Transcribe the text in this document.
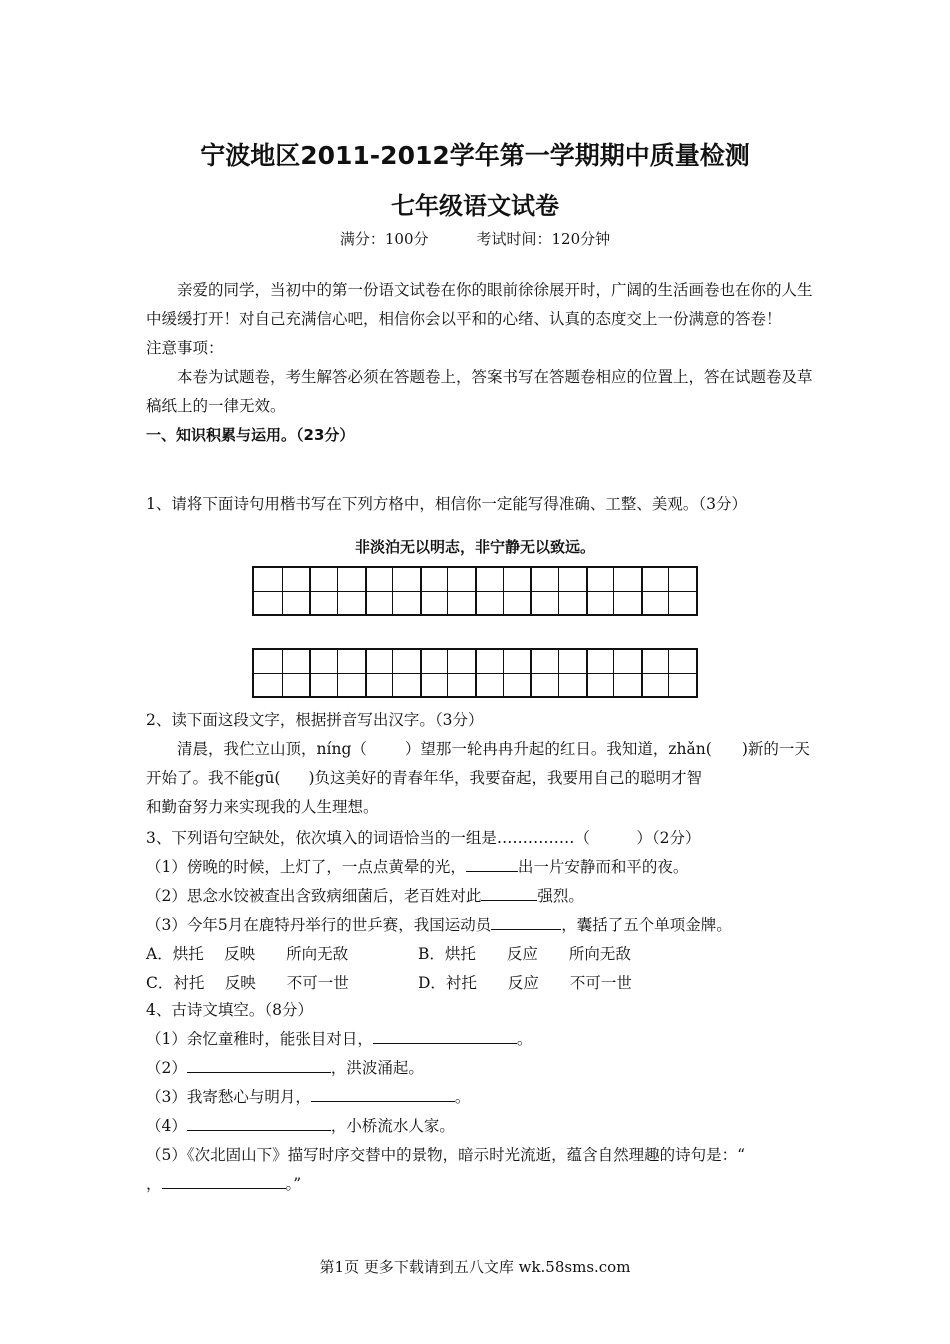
宁波地区2011-2012学年第一学期期中质量检测
七年级语文试卷
满分：100分	考试时间：120分钟

亲爱的同学，当初中的第一份语文试卷在你的眼前徐徐展开时，广阔的生活画卷也在你的人生中缓缓打开！对自己充满信心吧，相信你会以平和的心绪、认真的态度交上一份满意的答卷！

注意事项：

本卷为试题卷，考生解答必须在答题卷上，答案书写在答题卷相应的位置上，答在试题卷及草稿纸上的一律无效。

一、知识积累与运用。（23分）

1、请将下面诗句用楷书写在下列方格中，相信你一定能写得准确、工整、美观。（3分）

非淡泊无以明志，非宁静无以致远。

2、读下面这段文字，根据拼音写出汉字。（3分）

清晨，我伫立山顶，níng（ ）望那一轮冉冉升起的红日。我知道，zhǎn( )新的一天开始了。我不能gū( )负这美好的青春年华，我要奋起，我要用自己的聪明才智

和勤奋努力来实现我的人生理想。

3、下列语句空缺处，依次填入的词语恰当的一组是……………（　　　）（2分）

（1）傍晚的时候，上灯了，一点点黄晕的光，	出一片安静而和平的夜。

（2）思念水饺被查出含致病细菌后，老百姓对此	强烈。

（3）今年5月在鹿特丹举行的世乒赛，我国运动员	，囊括了五个单项金牌。

A．烘托　 反映　　所向无敌	B．烘托　　反应　　所向无敌

C．衬托　 反映　　不可一世	D．衬托　　反应　　不可一世

4、古诗文填空。（8分）

（1）余忆童稚时，能张目对日，	。

（2）	，洪波涌起。

（3）我寄愁心与明月，	。

（4）	，小桥流水人家。

（5）《次北固山下》描写时序交替中的景物，暗示时光流逝，蕴含自然理趣的诗句是：“

，	。”

第1页 更多下载请到五八文库 wk.58sms.com
